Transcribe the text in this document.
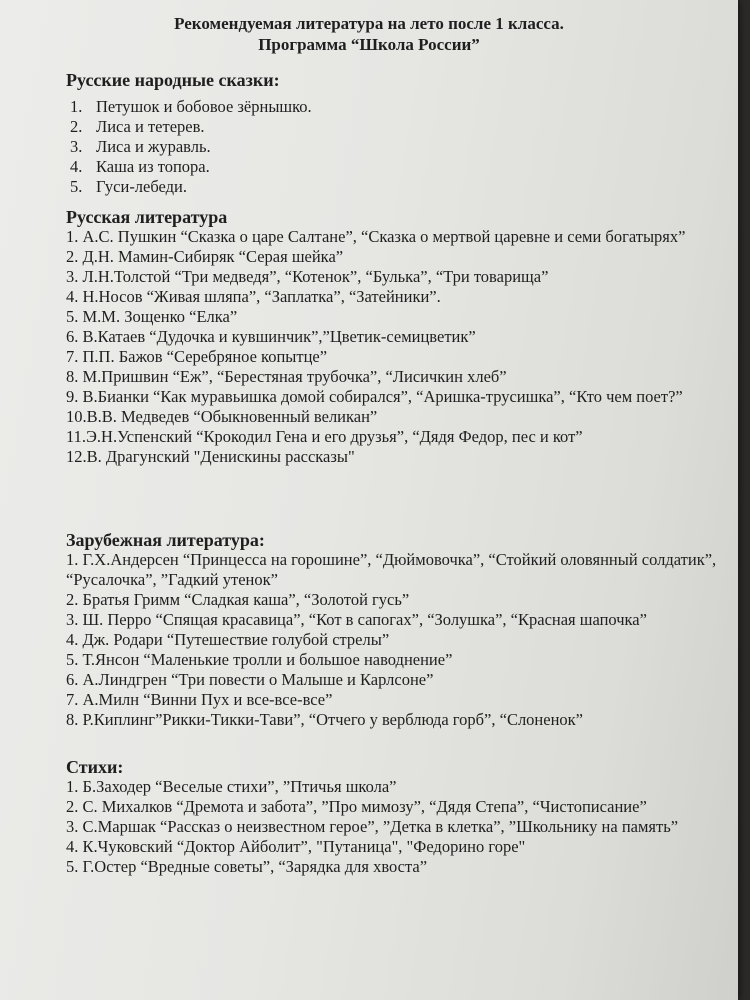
Рекомендуемая литература на лето после 1 класса.
Программа “Школа России”

Русские народные сказки:

1. Петушок и бобовое зёрнышко.
2. Лиса и тетерев.
3. Лиса и журавль.
4. Каша из топора.
5. Гуси-лебеди.

Русская литература

1. А.С. Пушкин “Сказка о царе Салтане”, “Сказка о мертвой царевне и семи богатырях”
2. Д.Н. Мамин-Сибиряк “Серая шейка”
3. Л.Н.Толстой “Три медведя”, “Котенок”, “Булька”, “Три товарища”
4. Н.Носов “Живая шляпа”, “Заплатка”, “Затейники”.
5. М.М. Зощенко “Елка”
6. В.Катаев “Дудочка и кувшинчик”,”Цветик-семицветик”
7. П.П. Бажов “Серебряное копытце”
8. М.Пришвин “Еж”, “Берестяная трубочка”, “Лисичкин хлеб”
9. В.Бианки “Как муравьишка домой собирался”, “Аришка-трусишка”, “Кто чем поет?”
10.В.В. Медведев “Обыкновенный великан”
11.Э.Н.Успенский “Крокодил Гена и его друзья”, “Дядя Федор, пес и кот”
12.В. Драгунский "Денискины рассказы"

Зарубежная литература:

1. Г.Х.Андерсен “Принцесса на горошине”, “Дюймовочка”, “Стойкий оловянный солдатик”, “Русалочка”, ”Гадкий утенок”
2. Братья Гримм “Сладкая каша”, “Золотой гусь”
3. Ш. Перро “Спящая красавица”, “Кот в сапогах”, “Золушка”, “Красная шапочка”
4. Дж. Родари “Путешествие голубой стрелы”
5. Т.Янсон “Маленькие тролли и большое наводнение”
6. А.Линдгрен “Три повести о Малыше и Карлсоне”
7. А.Милн “Винни Пух и все-все-все”
8. Р.Киплинг”Рикки-Тикки-Тави”, “Отчего у верблюда горб”, “Слоненок”

Стихи:

1. Б.Заходер “Веселые стихи”, ”Птичья школа”
2. С. Михалков “Дремота и забота”, ”Про мимозу”, “Дядя Степа”, “Чистописание”
3. С.Маршак “Рассказ о неизвестном герое”, ”Детка в клетка”, ”Школьнику на память”
4. К.Чуковский “Доктор Айболит”, "Путаница", "Федорино горе"
5. Г.Остер “Вредные советы”, “Зарядка для хвоста”
